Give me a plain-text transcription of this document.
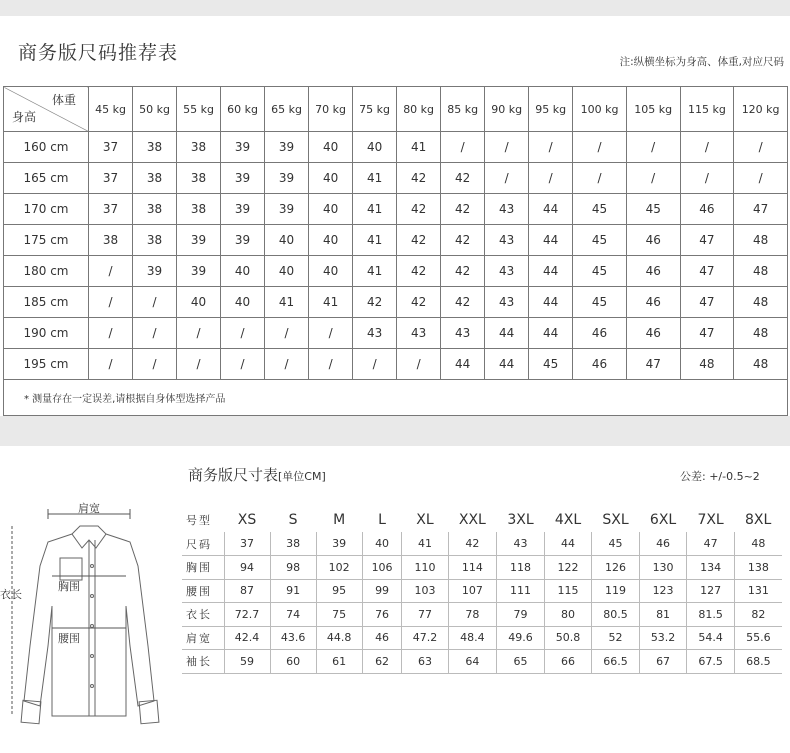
商务版尺码推荐表	注:纵横坐标为身高、体重,对应尺码
体重
身高	45 kg	50 kg	55 kg	60 kg	65 kg	70 kg	75 kg	80 kg	85 kg	90 kg	95 kg	100 kg	105 kg	115 kg	120 kg
160 cm	37	38	38	39	39	40	40	41	/	/	/	/	/	/	/
165 cm	37	38	38	39	39	40	41	42	42	/	/	/	/	/	/
170 cm	37	38	38	39	39	40	41	42	42	43	44	45	45	46	47
175 cm	38	38	39	39	40	40	41	42	42	43	44	45	46	47	48
180 cm	/	39	39	40	40	40	41	42	42	43	44	45	46	47	48
185 cm	/	/	40	40	41	41	42	42	42	43	44	45	46	47	48
190 cm	/	/	/	/	/	/	43	43	43	44	44	46	46	47	48
195 cm	/	/	/	/	/	/	/	/	44	44	45	46	47	48	48
* 测量存在一定误差,请根据自身体型选择产品															
商务版尺寸表[单位CM]	公差: +/-0.5~2
肩宽
胸围
腰围
衣长
号型	XS	S	M	L	XL	XXL	3XL	4XL	SXL	6XL	7XL	8XL
尺码	37	38	39	40	41	42	43	44	45	46	47	48
胸围	94	98	102	106	110	114	118	122	126	130	134	138
腰围	87	91	95	99	103	107	111	115	119	123	127	131
衣长	72.7	74	75	76	77	78	79	80	80.5	81	81.5	82
肩宽	42.4	43.6	44.8	46	47.2	48.4	49.6	50.8	52	53.2	54.4	55.6
袖长	59	60	61	62	63	64	65	66	66.5	67	67.5	68.5
